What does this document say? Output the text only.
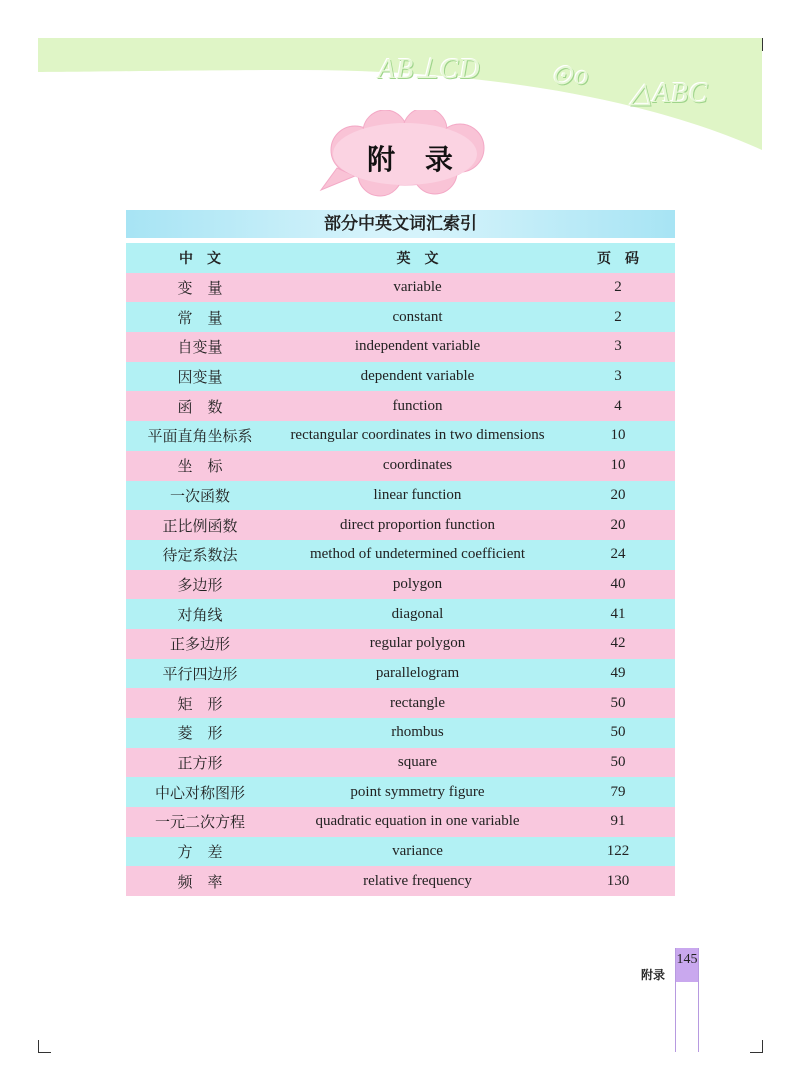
AB⊥CD ⊙o
△ABC
附 录
部分中英文词汇索引
中　文	英　文	页　码
变　量	variable	2
常　量	constant	2
自变量	independent variable	3
因变量	dependent variable	3
函　数	function	4
平面直角坐标系	rectangular coordinates in two dimensions	10
坐　标	coordinates	10
一次函数	linear function	20
正比例函数	direct proportion function	20
待定系数法	method of undetermined coefficient	24
多边形	polygon	40
对角线	diagonal	41
正多边形	regular polygon	42
平行四边形	parallelogram	49
矩　形	rectangle	50
菱　形	rhombus	50
正方形	square	50
中心对称图形	point symmetry figure	79
一元二次方程	quadratic equation in one variable	91
方　差	variance	122
频　率	relative frequency	130
附录
145
